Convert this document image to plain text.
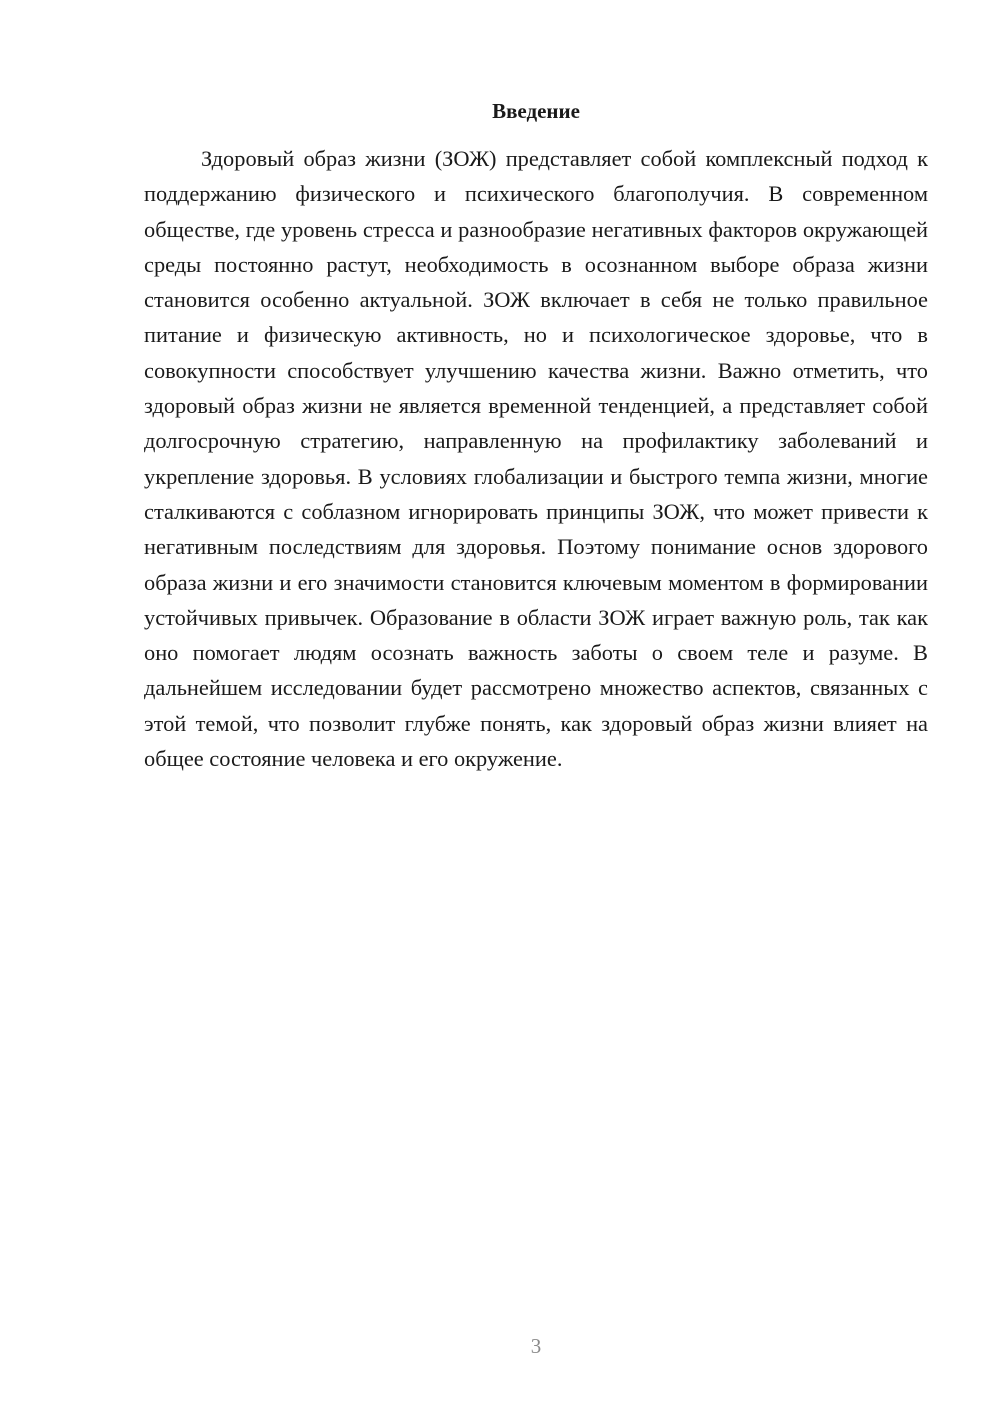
Введение

Здоровый образ жизни (ЗОЖ) представляет собой комплексный подход к поддержанию физического и психического благополучия. В современном обществе, где уровень стресса и разнообразие негативных факторов окружающей среды постоянно растут, необходимость в осознанном выборе образа жизни становится особенно актуальной. ЗОЖ включает в себя не только правильное питание и физическую активность, но и психологическое здоровье, что в совокупности способствует улучшению качества жизни. Важно отметить, что здоровый образ жизни не является временной тенденцией, а представляет собой долгосрочную стратегию, направленную на профилактику заболеваний и укрепление здоровья. В условиях глобализации и быстрого темпа жизни, многие сталкиваются с соблазном игнорировать принципы ЗОЖ, что может привести к негативным последствиям для здоровья. Поэтому понимание основ здорового образа жизни и его значимости становится ключевым моментом в формировании устойчивых привычек. Образование в области ЗОЖ играет важную роль, так как оно помогает людям осознать важность заботы о своем теле и разуме. В дальнейшем исследовании будет рассмотрено множество аспектов, связанных с этой темой, что позволит глубже понять, как здоровый образ жизни влияет на общее состояние человека и его окружение.

3
